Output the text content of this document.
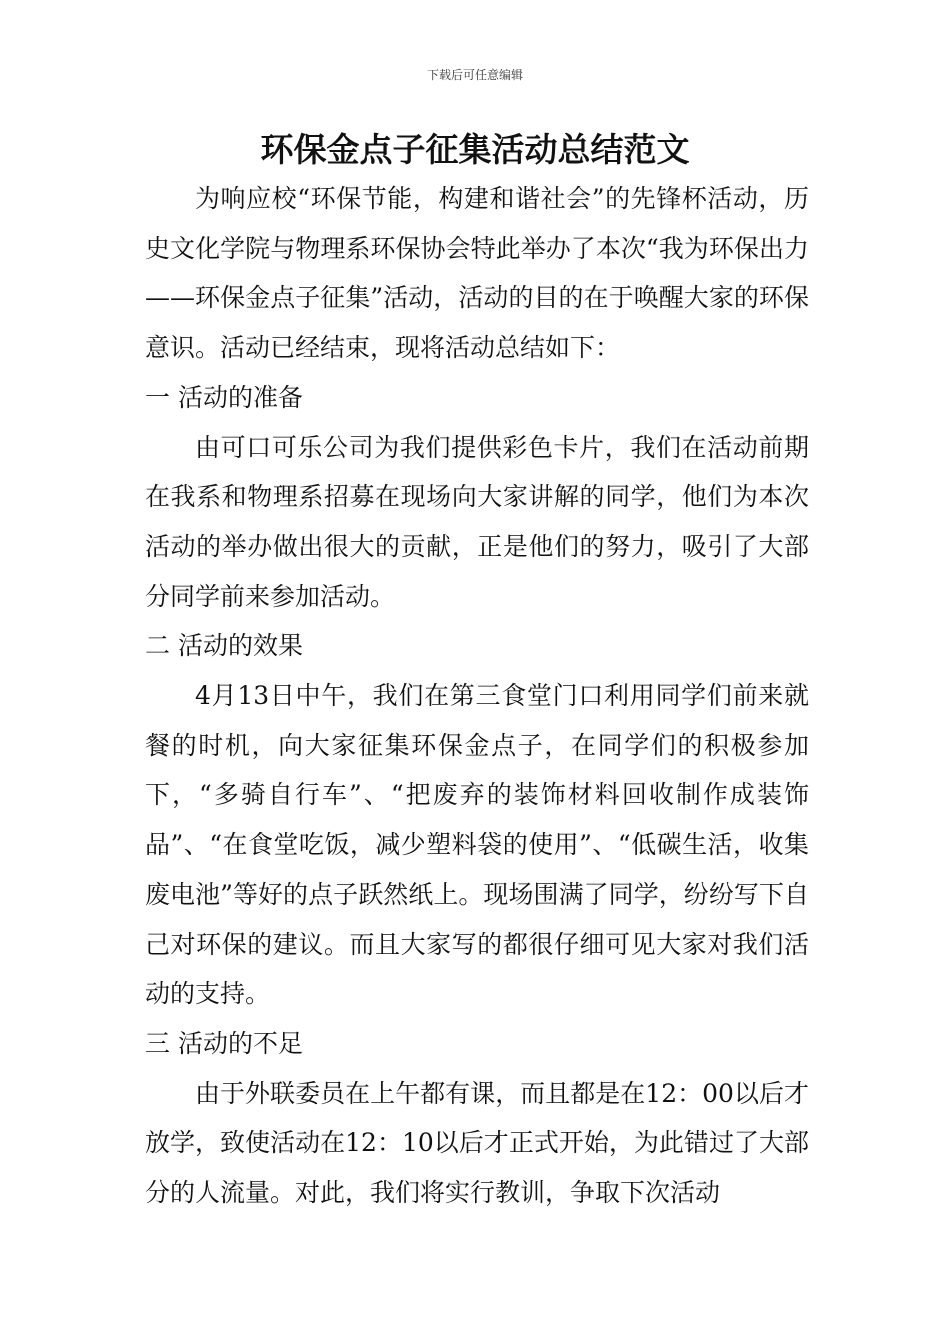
下载后可任意编辑
环保金点子征集活动总结范文

为响应校“环保节能，构建和谐社会”的先锋杯活动，历史文化学院与物理系环保协会特此举办了本次“我为环保出力——环保金点子征集”活动，活动的目的在于唤醒大家的环保意识。活动已经结束，现将活动总结如下：

一 活动的准备

由可口可乐公司为我们提供彩色卡片，我们在活动前期在我系和物理系招募在现场向大家讲解的同学，他们为本次活动的举办做出很大的贡献，正是他们的努力，吸引了大部分同学前来参加活动。

二 活动的效果

4月13日中午，我们在第三食堂门口利用同学们前来就餐的时机，向大家征集环保金点子，在同学们的积极参加下，“多骑自行车”、“把废弃的装饰材料回收制作成装饰品”、“在食堂吃饭，减少塑料袋的使用”、“低碳生活，收集废电池”等好的点子跃然纸上。现场围满了同学，纷纷写下自己对环保的建议。而且大家写的都很仔细可见大家对我们活动的支持。

三 活动的不足

由于外联委员在上午都有课，而且都是在12：00以后才放学，致使活动在12：10以后才正式开始，为此错过了大部分的人流量。对此，我们将实行教训，争取下次活动
